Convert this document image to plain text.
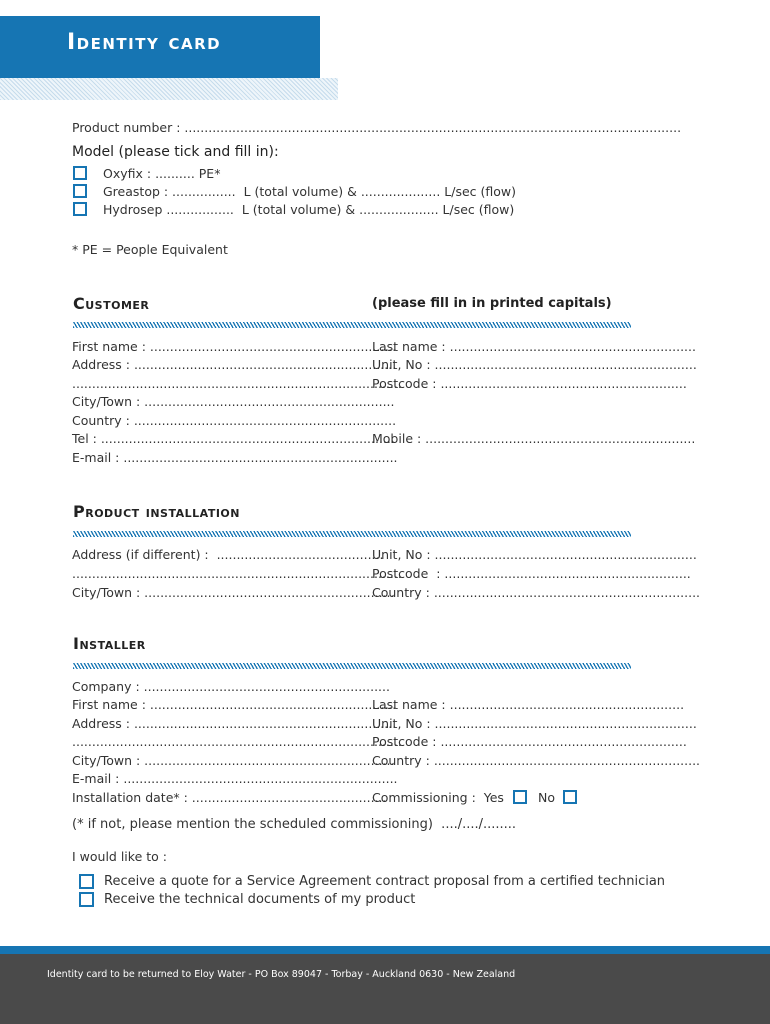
Identity card
Product number : .............................................................................................................................
Model (please tick and fill in):
Oxyfix : .......... PE*
Greastop : ................  L (total volume) & .................... L/sec (flow)
Hydrosep .................  L (total volume) & .................... L/sec (flow)
* PE = People Equivalent
Customer	(please fill in in printed capitals)
First name : ..............................................................
Address : ..................................................................
...................................................................................
City/Town : ...............................................................
Country : ..................................................................
Tel : ..........................................................................
E-mail : .....................................................................
Last name : ..............................................................
Unit, No : ..................................................................
Postcode : ..............................................................
Mobile : ....................................................................
Product installation
Address (if different) :  ..........................................
...................................................................................
City/Town : ...............................................................
Unit, No : ..................................................................
Postcode  : ..............................................................
Country : ...................................................................
Installer
Company : ..............................................................
First name : ..............................................................
Address : ..................................................................
...................................................................................
City/Town : ...............................................................
E-mail : .....................................................................
Installation date* : .................................................
Last name : ...........................................................
Unit, No : ..................................................................
Postcode : ..............................................................
Country : ...................................................................
Commissioning :  Yes	No
(* if not, please mention the scheduled commissioning)  ..../..../........
I would like to :
Receive a quote for a Service Agreement contract proposal from a certified technician
Receive the technical documents of my product
Identity card to be returned to Eloy Water - PO Box 89047 - Torbay - Auckland 0630 - New Zealand
